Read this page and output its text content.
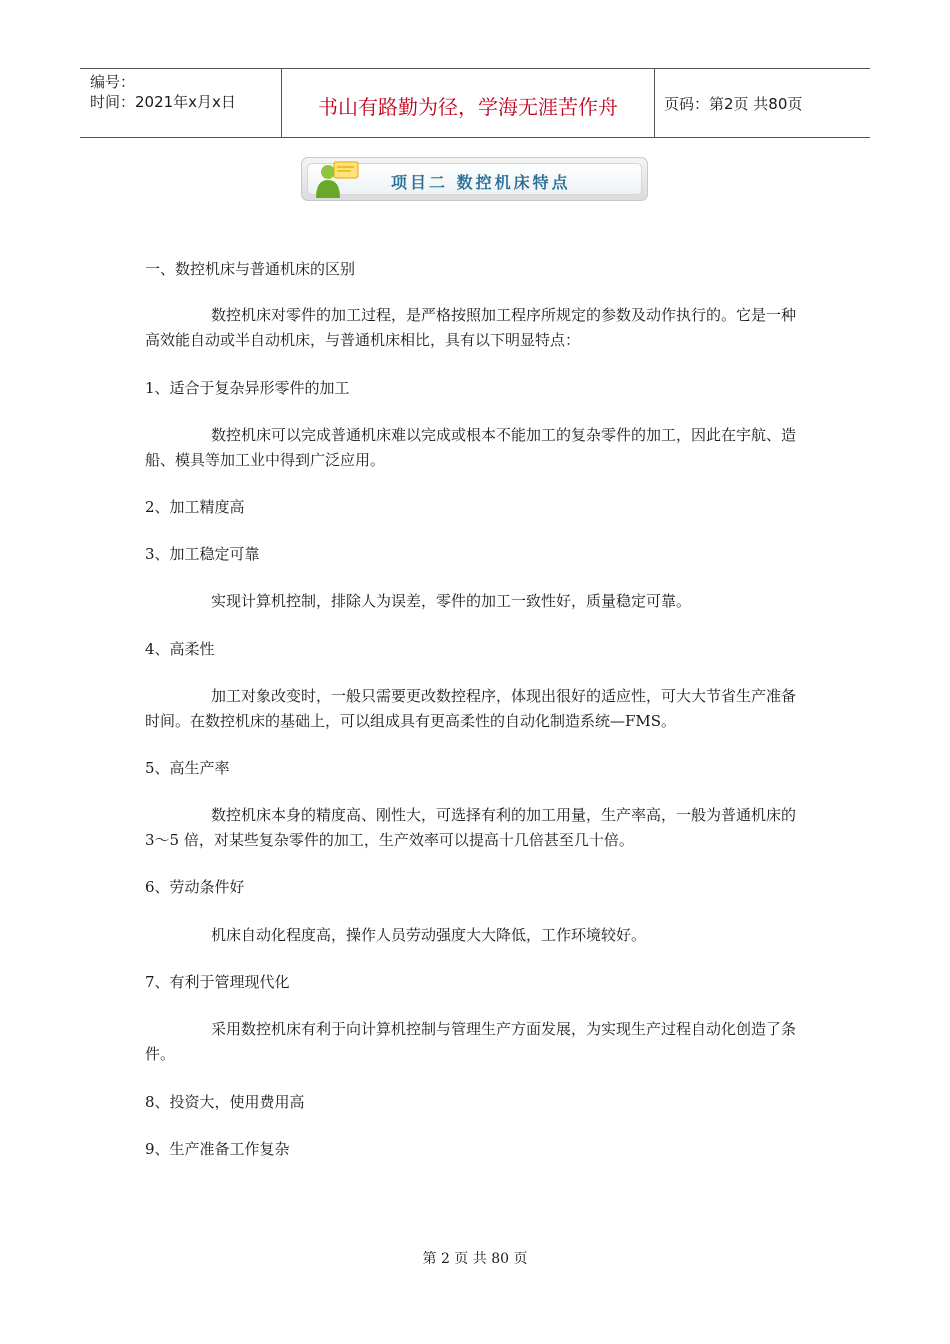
编号：
时间：2021年x月x日	书山有路勤为径，学海无涯苦作舟	页码：第2页 共80页
项目二 数控机床特点
一、数控机床与普通机床的区别
数控机床对零件的加工过程，是严格按照加工程序所规定的参数及动作执行的。它是一种高效能自动或半自动机床，与普通机床相比，具有以下明显特点：
1、适合于复杂异形零件的加工
数控机床可以完成普通机床难以完成或根本不能加工的复杂零件的加工，因此在宇航、造船、模具等加工业中得到广泛应用。
2、加工精度高
3、加工稳定可靠
实现计算机控制，排除人为误差，零件的加工一致性好，质量稳定可靠。
4、高柔性
加工对象改变时，一般只需要更改数控程序，体现出很好的适应性，可大大节省生产准备时间。在数控机床的基础上，可以组成具有更高柔性的自动化制造系统—FMS。
5、高生产率
数控机床本身的精度高、刚性大，可选择有利的加工用量，生产率高，一般为普通机床的 3～5 倍，对某些复杂零件的加工，生产效率可以提高十几倍甚至几十倍。
6、劳动条件好
机床自动化程度高，操作人员劳动强度大大降低，工作环境较好。
7、有利于管理现代化
采用数控机床有利于向计算机控制与管理生产方面发展，为实现生产过程自动化创造了条件。
8、投资大，使用费用高
9、生产准备工作复杂
第 2 页 共 80 页
